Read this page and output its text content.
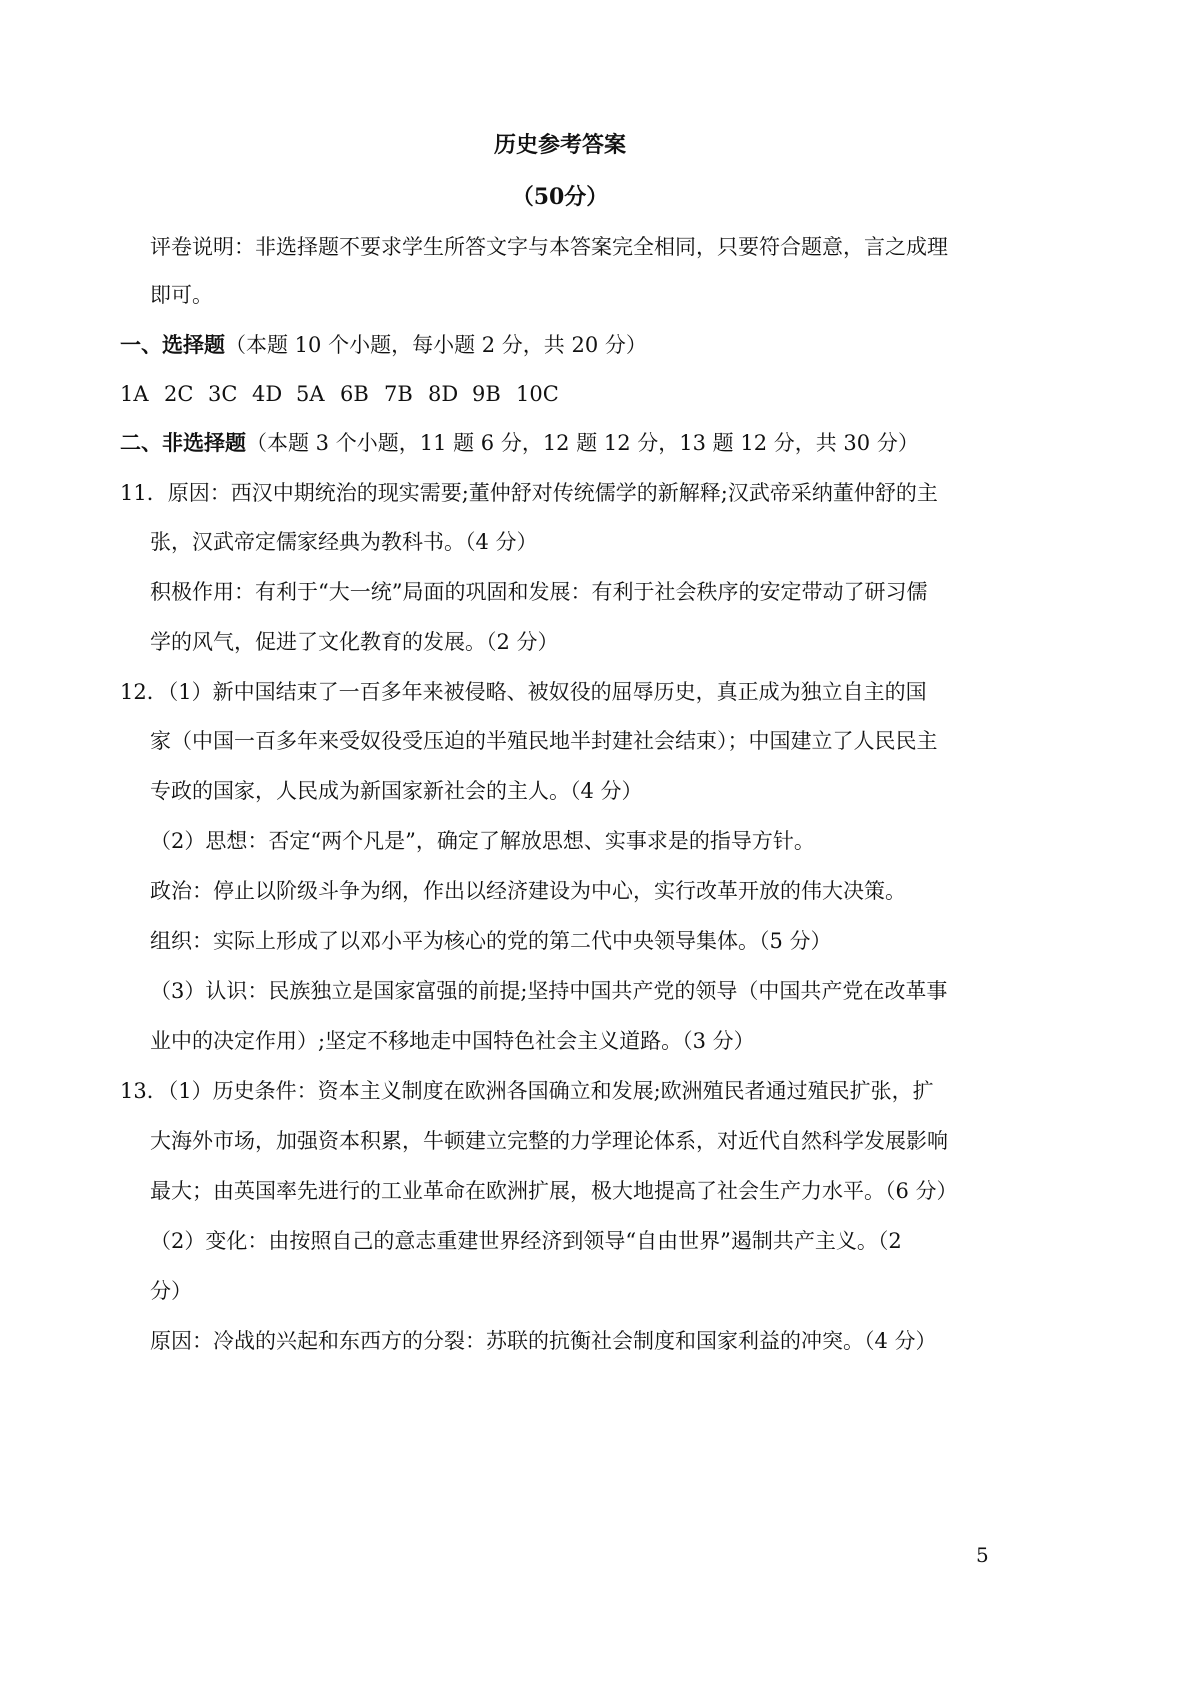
历史参考答案
（50分）
评卷说明：非选择题不要求学生所答文字与本答案完全相同，只要符合题意，言之成理
即可。
一、选择题（本题 10 个小题，每小题 2 分，共 20 分）
1A 2C 3C 4D 5A 6B 7B 8D 9B 10C
二、非选择题（本题 3 个小题，11 题 6 分，12 题 12 分，13 题 12 分，共 30 分）
11．原因：西汉中期统治的现实需要;董仲舒对传统儒学的新解释;汉武帝采纳董仲舒的主
张，汉武帝定儒家经典为教科书。（4 分）
积极作用：有利于“大一统”局面的巩固和发展：有利于社会秩序的安定带动了研习儒
学的风气，促进了文化教育的发展。（2 分）
12．（1）新中国结束了一百多年来被侵略、被奴役的屈辱历史，真正成为独立自主的国
家（中国一百多年来受奴役受压迫的半殖民地半封建社会结束）；中国建立了人民民主
专政的国家，人民成为新国家新社会的主人。（4 分）
（2）思想：否定“两个凡是”，确定了解放思想、实事求是的指导方针。
政治：停止以阶级斗争为纲，作出以经济建设为中心，实行改革开放的伟大决策。
组织：实际上形成了以邓小平为核心的党的第二代中央领导集体。（5 分）
（3）认识：民族独立是国家富强的前提;坚持中国共产党的领导（中国共产党在改革事
业中的决定作用）;坚定不移地走中国特色社会主义道路。（3 分）
13．（1）历史条件：资本主义制度在欧洲各国确立和发展;欧洲殖民者通过殖民扩张，扩
大海外市场，加强资本积累，牛顿建立完整的力学理论体系，对近代自然科学发展影响
最大；由英国率先进行的工业革命在欧洲扩展，极大地提高了社会生产力水平。（6 分）
（2）变化：由按照自己的意志重建世界经济到领导“自由世界”遏制共产主义。（2
分）
原因：冷战的兴起和东西方的分裂：苏联的抗衡社会制度和国家利益的冲突。（4 分）
5
